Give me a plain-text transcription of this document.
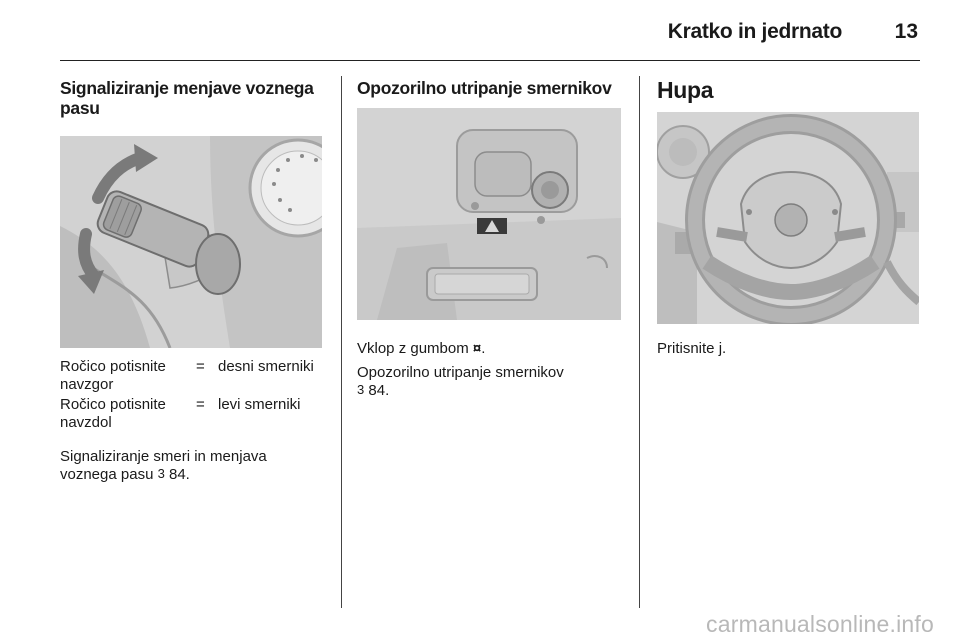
Kratko in jedrnato	13
Signaliziranje menjave voznega pasu
Ročico potisnite navzgor
= desni smerniki
Ročico potisnite navzdol
= levi smerniki
Signaliziranje smeri in menjava voznega pasu 3 84.
Opozorilno utripanje smernikov
Vklop z gumbom ¤.
Opozorilno utripanje smernikov
3 84.
Hupa
Pritisnite j.
carmanualsonline.info
